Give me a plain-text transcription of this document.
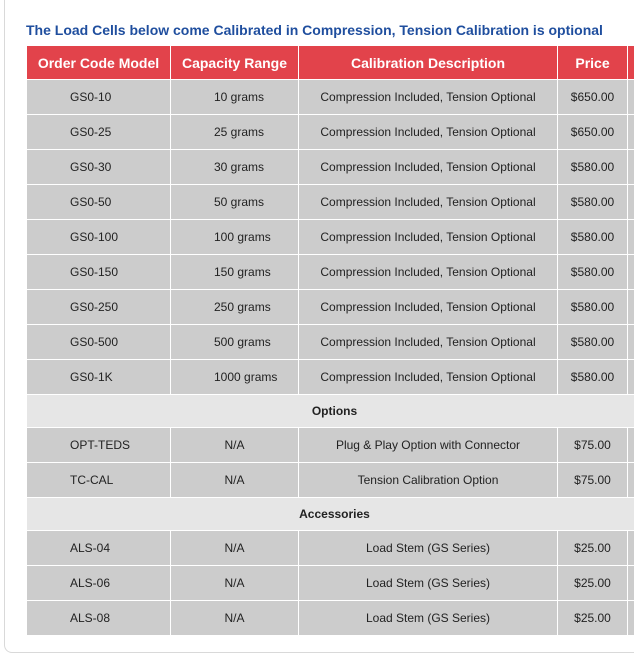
The Load Cells below come Calibrated in Compression, Tension Calibration is optional
Order Code Model	Capacity Range	Calibration Description	Price	
GS0-10	10 grams	Compression Included, Tension Optional	$650.00	
GS0-25	25 grams	Compression Included, Tension Optional	$650.00	
GS0-30	30 grams	Compression Included, Tension Optional	$580.00	
GS0-50	50 grams	Compression Included, Tension Optional	$580.00	
GS0-100	100 grams	Compression Included, Tension Optional	$580.00	
GS0-150	150 grams	Compression Included, Tension Optional	$580.00	
GS0-250	250 grams	Compression Included, Tension Optional	$580.00	
GS0-500	500 grams	Compression Included, Tension Optional	$580.00	
GS0-1K	1000 grams	Compression Included, Tension Optional	$580.00	
Options				
OPT-TEDS	N/A	Plug & Play Option with Connector	$75.00	
TC-CAL	N/A	Tension Calibration Option	$75.00	
Accessories				
ALS-04	N/A	Load Stem (GS Series)	$25.00	
ALS-06	N/A	Load Stem (GS Series)	$25.00	
ALS-08	N/A	Load Stem (GS Series)	$25.00	
